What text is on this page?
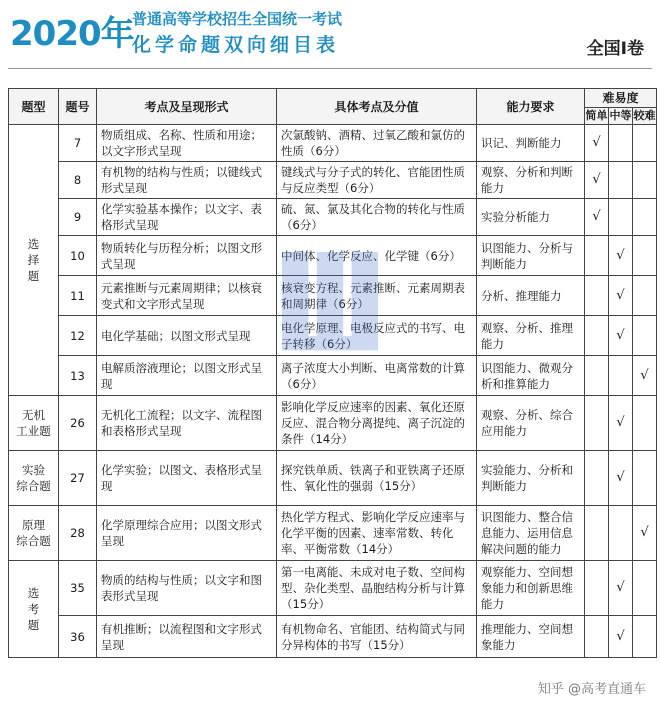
2020年
普通高等学校招生全国统一考试
化学命题双向细目表	全国Ⅰ卷
题型	题号	考点及呈现形式	具体考点及分值	能力要求	难易度		
					简单	中等	较难
选
择
题	7	物质组成、名称、性质和用途；以文字形式呈现	次氯酸钠、酒精、过氧乙酸和氯仿的性质（6分）	识记、判断能力	√		
	8	有机物的结构与性质；以键线式形式呈现	键线式与分子式的转化、官能团性质与反应类型（6分）	观察、分析和判断能力	√		
	9	化学实验基本操作；以文字、表格形式呈现	硫、氮、氯及其化合物的转化与性质（6分）	实验分析能力	√		
	10	物质转化与历程分析；以图文形式呈现	中间体、化学反应、化学键（6分）	识图能力、分析与判断能力		√	
	11	元素推断与元素周期律；以核衰变式和文字形式呈现	核衰变方程、元素推断、元素周期表和周期律（6分）	分析、推理能力		√	
	12	电化学基础；以图文形式呈现	电化学原理、电极反应式的书写、电子转移（6分）	观察、分析、推理能力		√	
	13	电解质溶液理论；以图文形式呈现	离子浓度大小判断、电离常数的计算（6分）	识图能力、微观分析和推算能力			√
无机
工业题	26	无机化工流程；以文字、流程图和表格形式呈现	影响化学反应速率的因素、氧化还原反应、混合物分离提纯、离子沉淀的条件（14分）	观察、分析、综合应用能力		√	
实验
综合题	27	化学实验；以图文、表格形式呈现	探究铁单质、铁离子和亚铁离子还原性、氧化性的强弱（15分）	实验能力、分析和判断能力		√	
原理
综合题	28	化学原理综合应用；以图文形式呈现	热化学方程式、影响化学反应速率与化学平衡的因素、速率常数、转化率、平衡常数（14分）	识图能力、整合信息能力、运用信息解决问题的能力			√
选
考
题	35	物质的结构与性质；以文字和图表形式呈现	第一电离能、未成对电子数、空间构型、杂化类型、晶胞结构分析与计算（15分）	观察能力、空间想象能力和创新思维能力		√	
	36	有机推断；以流程图和文字形式呈现	有机物命名、官能团、结构简式与同分异构体的书写（15分）	推理能力、空间想象能力		√	
知乎 @高考直通车
